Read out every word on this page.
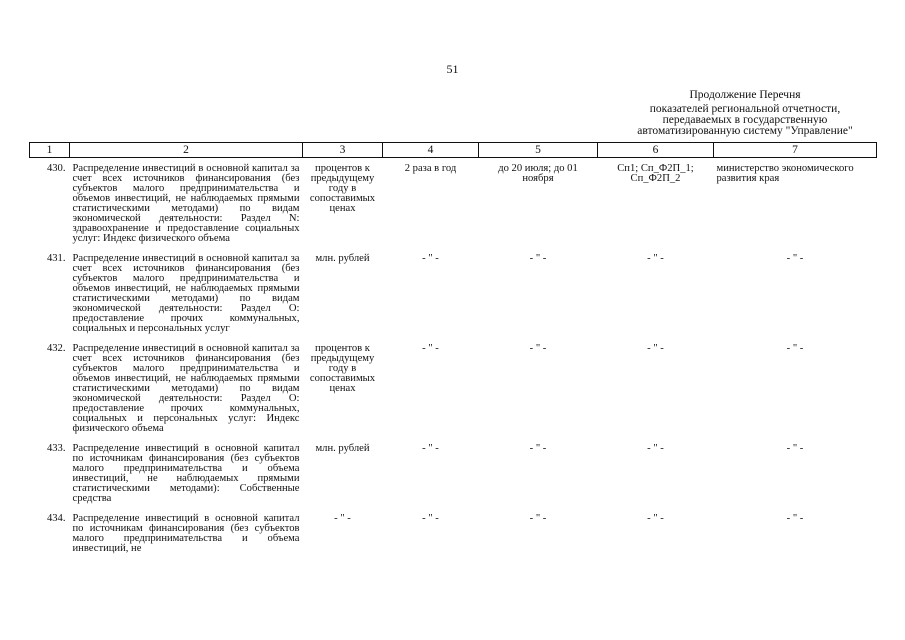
51
Продолжение Перечня
показателей региональной отчетности,
передаваемых в государственную
автоматизированную систему "Управление"
1	2	3	4	5	6	7
430.	Распределение инвестиций в основной капитал за счет всех источников финансирования (без субъектов малого предпринимательства и объемов инвестиций, не наблюдаемых прямыми статистическими методами) по видам экономической деятельности: Раздел N: здравоохранение и предоставление социальных услуг: Индекс физического объема	процентов к предыдущему году в сопоставимых ценах	2 раза в год	до 20 июля; до 01 ноября	Сп1; Сп_Ф2П_1; Сп_Ф2П_2	министерство экономического развития края
431.	Распределение инвестиций в основной капитал за счет всех источников финансирования (без субъектов малого предпринимательства и объемов инвестиций, не наблюдаемых прямыми статистическими методами) по видам экономической деятельности: Раздел О: предоставление прочих коммунальных, социальных и персональных услуг	млн. рублей	- " -	- " -	- " -	- " -
432.	Распределение инвестиций в основной капитал за счет всех источников финансирования (без субъектов малого предпринимательства и объемов инвестиций, не наблюдаемых прямыми статистическими методами) по видам экономической деятельности: Раздел О: предоставление прочих коммунальных, социальных и персональных услуг: Индекс физического объема	процентов к предыдущему году в сопоставимых ценах	- " -	- " -	- " -	- " -
433.	Распределение инвестиций в основной капитал по источникам финансирования (без субъектов малого предпринимательства и объема инвестиций, не наблюдаемых прямыми статистическими методами): Собственные средства	млн. рублей	- " -	- " -	- " -	- " -
434.	Распределение инвестиций в основной капитал по источникам финансирования (без субъектов малого предпринимательства и объема инвестиций, не	- " -	- " -	- " -	- " -	- " -
